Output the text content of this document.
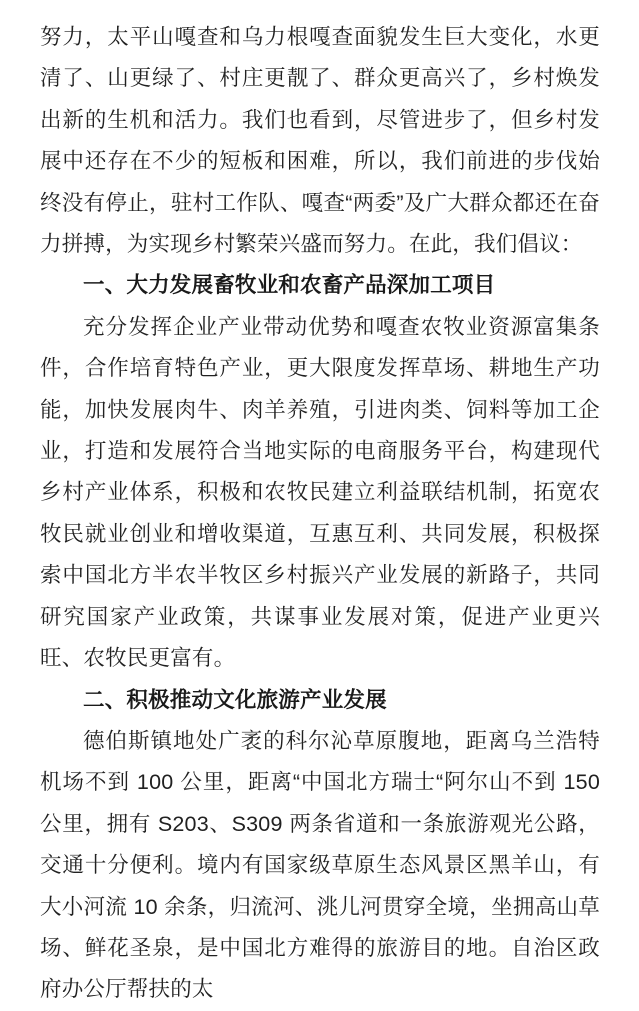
努力，太平山嘎查和乌力根嘎查面貌发生巨大变化，水更清了、山更绿了、村庄更靓了、群众更高兴了，乡村焕发出新的生机和活力。我们也看到，尽管进步了，但乡村发展中还存在不少的短板和困难，所以，我们前进的步伐始终没有停止，驻村工作队、嘎查“两委”及广大群众都还在奋力拼搏，为实现乡村繁荣兴盛而努力。在此，我们倡议：

一、大力发展畜牧业和农畜产品深加工项目

充分发挥企业产业带动优势和嘎查农牧业资源富集条件，合作培育特色产业，更大限度发挥草场、耕地生产功能，加快发展肉牛、肉羊养殖，引进肉类、饲料等加工企业，打造和发展符合当地实际的电商服务平台，构建现代乡村产业体系，积极和农牧民建立利益联结机制，拓宽农牧民就业创业和增收渠道，互惠互利、共同发展，积极探索中国北方半农半牧区乡村振兴产业发展的新路子，共同研究国家产业政策，共谋事业发展对策，促进产业更兴旺、农牧民更富有。

二、积极推动文化旅游产业发展

德伯斯镇地处广袤的科尔沁草原腹地，距离乌兰浩特机场不到 100 公里，距离“中国北方瑞士“阿尔山不到 150 公里，拥有 S203、S309 两条省道和一条旅游观光公路，交通十分便利。境内有国家级草原生态风景区黑羊山，有大小河流 10 余条，归流河、洮儿河贯穿全境，坐拥高山草场、鲜花圣泉，是中国北方难得的旅游目的地。自治区政府办公厅帮扶的太
